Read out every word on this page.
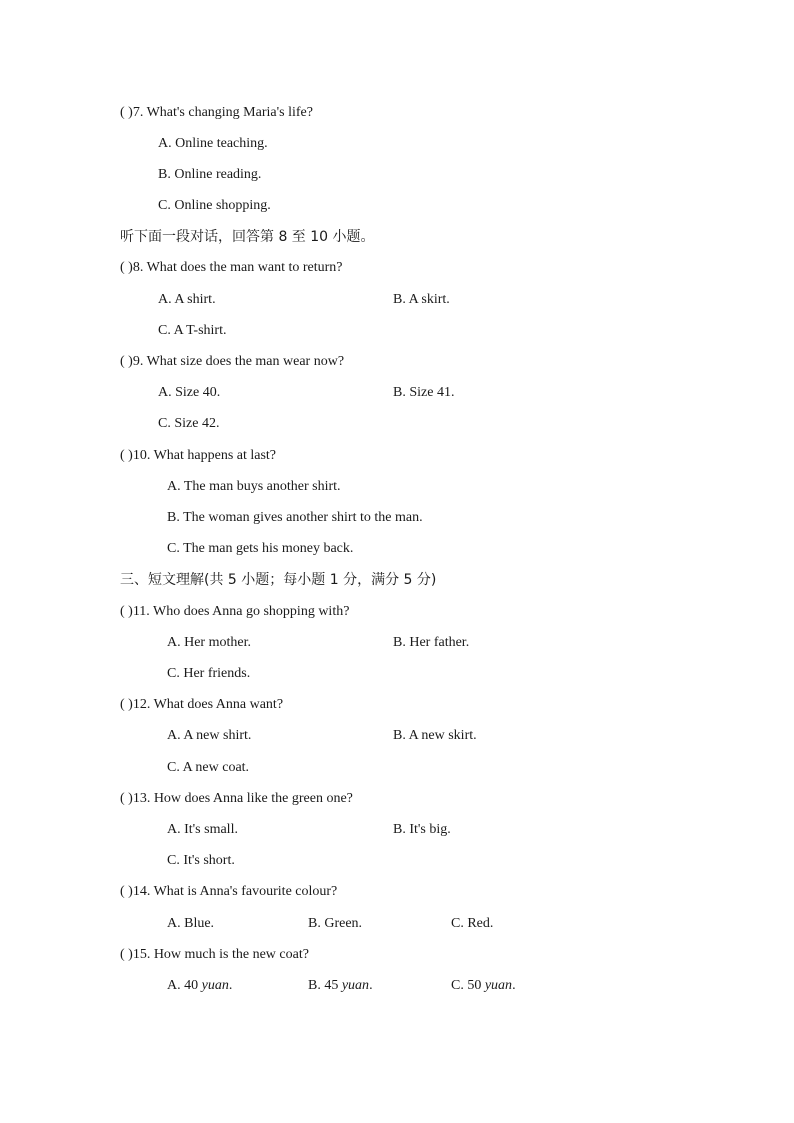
( )7. What's changing Maria's life?
A. Online teaching.
B. Online reading.
C. Online shopping.
听下面一段对话，回答第 8 至 10 小题。
( )8. What does the man want to return?
A. A shirt.	B. A skirt.
C. A T-shirt.
( )9. What size does the man wear now?
A. Size 40.	B. Size 41.
C. Size 42.
( )10. What happens at last?
A. The man buys another shirt.
B. The woman gives another shirt to the man.
C. The man gets his money back.
三、短文理解(共 5 小题；每小题 1 分，满分 5 分)
( )11. Who does Anna go shopping with?
A. Her mother.	B. Her father.
C. Her friends.
( )12. What does Anna want?
A. A new shirt.	B. A new skirt.
C. A new coat.
( )13. How does Anna like the green one?
A. It's small.	B. It's big.
C. It's short.
( )14. What is Anna's favourite colour?
A. Blue.	B. Green.	C. Red.
( )15. How much is the new coat?
A. 40 yuan.	B. 45 yuan.	C. 50 yuan.
